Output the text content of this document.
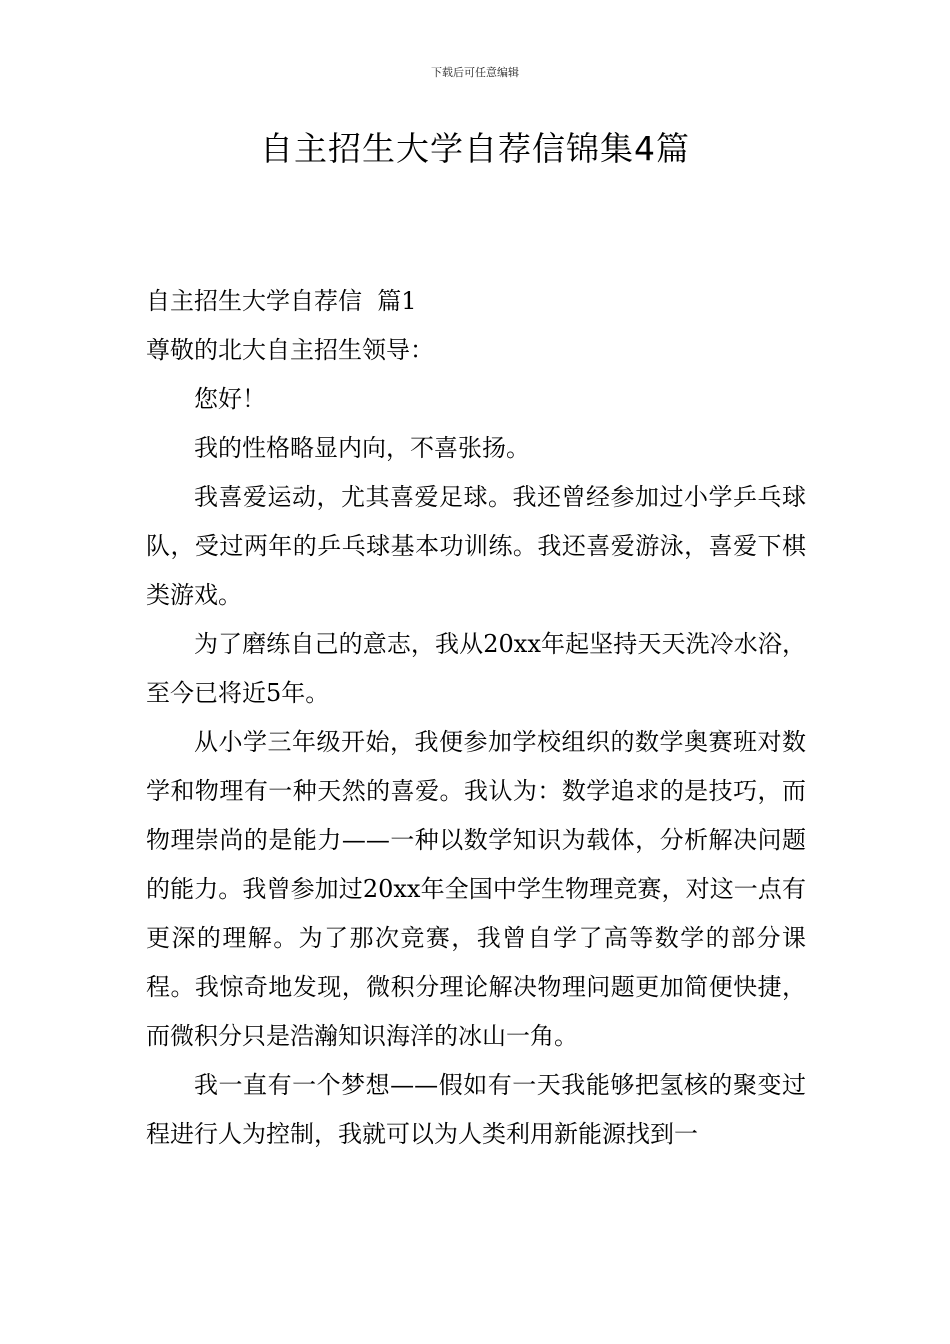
下载后可任意编辑
自主招生大学自荐信锦集4篇

自主招生大学自荐信  篇1

尊敬的北大自主招生领导：

您好！

我的性格略显内向，不喜张扬。

我喜爱运动，尤其喜爱足球。我还曾经参加过小学乒乓球队，受过两年的乒乓球基本功训练。我还喜爱游泳，喜爱下棋类游戏。

为了磨练自己的意志，我从20xx年起坚持天天洗冷水浴，至今已将近5年。

从小学三年级开始，我便参加学校组织的数学奥赛班对数学和物理有一种天然的喜爱。我认为：数学追求的是技巧，而物理崇尚的是能力——一种以数学知识为载体，分析解决问题的能力。我曾参加过20xx年全国中学生物理竞赛，对这一点有更深的理解。为了那次竞赛，我曾自学了高等数学的部分课程。我惊奇地发现，微积分理论解决物理问题更加简便快捷，而微积分只是浩瀚知识海洋的冰山一角。

我一直有一个梦想——假如有一天我能够把氢核的聚变过程进行人为控制，我就可以为人类利用新能源找到一
